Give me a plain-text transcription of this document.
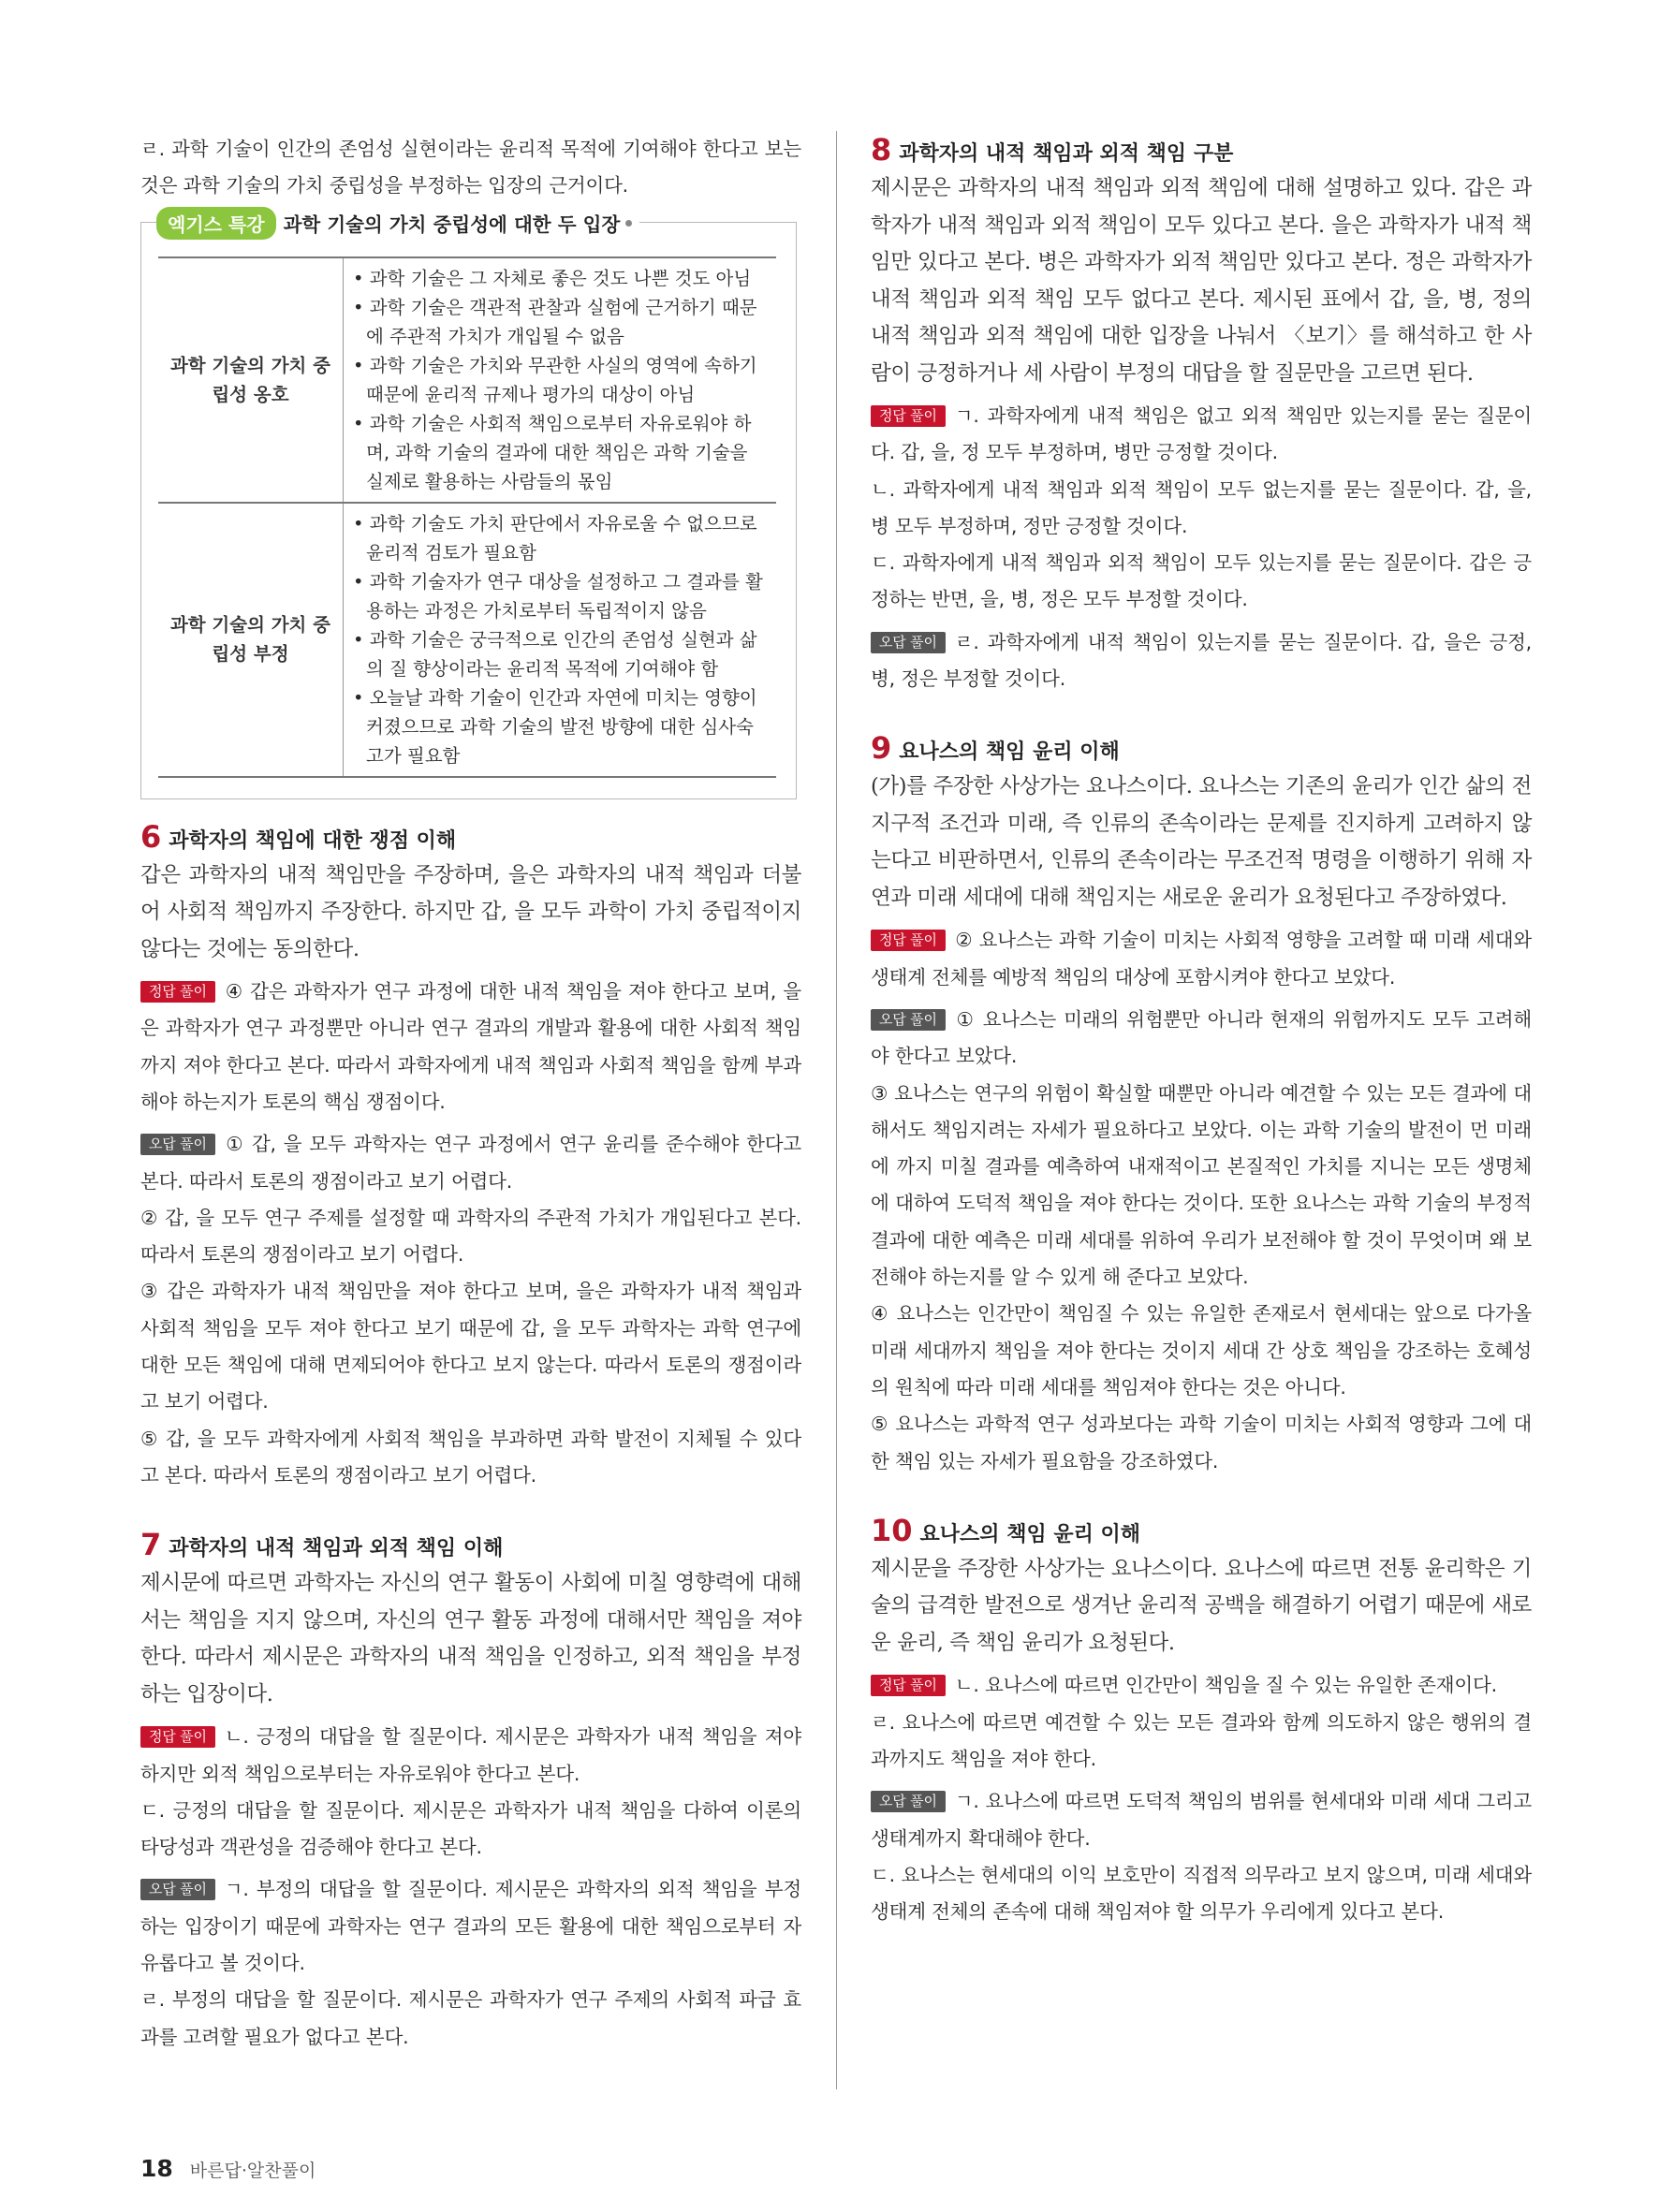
ㄹ. 과학 기술이 인간의 존엄성 실현이라는 윤리적 목적에 기여해야 한다고 보는 것은 과학 기술의 가치 중립성을 부정하는 입장의 근거이다.

엑기스 특강 과학 기술의 가치 중립성에 대한 두 입장
과학 기술의 가치 중립성 옹호	• 과학 기술은 그 자체로 좋은 것도 나쁜 것도 아님

• 과학 기술은 객관적 관찰과 실험에 근거하기 때문에 주관적 가치가 개입될 수 없음

• 과학 기술은 가치와 무관한 사실의 영역에 속하기 때문에 윤리적 규제나 평가의 대상이 아님

• 과학 기술은 사회적 책임으로부터 자유로워야 하며, 과학 기술의 결과에 대한 책임은 과학 기술을 실제로 활용하는 사람들의 몫임

과학 기술의 가치 중립성 부정	• 과학 기술도 가치 판단에서 자유로울 수 없으므로 윤리적 검토가 필요함

• 과학 기술자가 연구 대상을 설정하고 그 결과를 활용하는 과정은 가치로부터 독립적이지 않음

• 과학 기술은 궁극적으로 인간의 존엄성 실현과 삶의 질 향상이라는 윤리적 목적에 기여해야 함

• 오늘날 과학 기술이 인간과 자연에 미치는 영향이 커졌으므로 과학 기술의 발전 방향에 대한 심사숙고가 필요함

6 과학자의 책임에 대한 쟁점 이해

갑은 과학자의 내적 책임만을 주장하며, 을은 과학자의 내적 책임과 더불어 사회적 책임까지 주장한다. 하지만 갑, 을 모두 과학이 가치 중립적이지 않다는 것에는 동의한다.

정답 풀이 ④ 갑은 과학자가 연구 과정에 대한 내적 책임을 져야 한다고 보며, 을은 과학자가 연구 과정뿐만 아니라 연구 결과의 개발과 활용에 대한 사회적 책임까지 져야 한다고 본다. 따라서 과학자에게 내적 책임과 사회적 책임을 함께 부과해야 하는지가 토론의 핵심 쟁점이다.

오답 풀이 ① 갑, 을 모두 과학자는 연구 과정에서 연구 윤리를 준수해야 한다고 본다. 따라서 토론의 쟁점이라고 보기 어렵다.

② 갑, 을 모두 연구 주제를 설정할 때 과학자의 주관적 가치가 개입된다고 본다. 따라서 토론의 쟁점이라고 보기 어렵다.

③ 갑은 과학자가 내적 책임만을 져야 한다고 보며, 을은 과학자가 내적 책임과 사회적 책임을 모두 져야 한다고 보기 때문에 갑, 을 모두 과학자는 과학 연구에 대한 모든 책임에 대해 면제되어야 한다고 보지 않는다. 따라서 토론의 쟁점이라고 보기 어렵다.

⑤ 갑, 을 모두 과학자에게 사회적 책임을 부과하면 과학 발전이 지체될 수 있다고 본다. 따라서 토론의 쟁점이라고 보기 어렵다.

7 과학자의 내적 책임과 외적 책임 이해

제시문에 따르면 과학자는 자신의 연구 활동이 사회에 미칠 영향력에 대해서는 책임을 지지 않으며, 자신의 연구 활동 과정에 대해서만 책임을 져야 한다. 따라서 제시문은 과학자의 내적 책임을 인정하고, 외적 책임을 부정하는 입장이다.

정답 풀이 ㄴ. 긍정의 대답을 할 질문이다. 제시문은 과학자가 내적 책임을 져야 하지만 외적 책임으로부터는 자유로워야 한다고 본다.

ㄷ. 긍정의 대답을 할 질문이다. 제시문은 과학자가 내적 책임을 다하여 이론의 타당성과 객관성을 검증해야 한다고 본다.

오답 풀이 ㄱ. 부정의 대답을 할 질문이다. 제시문은 과학자의 외적 책임을 부정하는 입장이기 때문에 과학자는 연구 결과의 모든 활용에 대한 책임으로부터 자유롭다고 볼 것이다.

ㄹ. 부정의 대답을 할 질문이다. 제시문은 과학자가 연구 주제의 사회적 파급 효과를 고려할 필요가 없다고 본다.

8 과학자의 내적 책임과 외적 책임 구분

제시문은 과학자의 내적 책임과 외적 책임에 대해 설명하고 있다. 갑은 과학자가 내적 책임과 외적 책임이 모두 있다고 본다. 을은 과학자가 내적 책임만 있다고 본다. 병은 과학자가 외적 책임만 있다고 본다. 정은 과학자가 내적 책임과 외적 책임 모두 없다고 본다. 제시된 표에서 갑, 을, 병, 정의 내적 책임과 외적 책임에 대한 입장을 나눠서 〈보기〉를 해석하고 한 사람이 긍정하거나 세 사람이 부정의 대답을 할 질문만을 고르면 된다.

정답 풀이 ㄱ. 과학자에게 내적 책임은 없고 외적 책임만 있는지를 묻는 질문이다. 갑, 을, 정 모두 부정하며, 병만 긍정할 것이다.

ㄴ. 과학자에게 내적 책임과 외적 책임이 모두 없는지를 묻는 질문이다. 갑, 을, 병 모두 부정하며, 정만 긍정할 것이다.

ㄷ. 과학자에게 내적 책임과 외적 책임이 모두 있는지를 묻는 질문이다. 갑은 긍정하는 반면, 을, 병, 정은 모두 부정할 것이다.

오답 풀이 ㄹ. 과학자에게 내적 책임이 있는지를 묻는 질문이다. 갑, 을은 긍정, 병, 정은 부정할 것이다.

9 요나스의 책임 윤리 이해

(가)를 주장한 사상가는 요나스이다. 요나스는 기존의 윤리가 인간 삶의 전 지구적 조건과 미래, 즉 인류의 존속이라는 문제를 진지하게 고려하지 않는다고 비판하면서, 인류의 존속이라는 무조건적 명령을 이행하기 위해 자연과 미래 세대에 대해 책임지는 새로운 윤리가 요청된다고 주장하였다.

정답 풀이 ② 요나스는 과학 기술이 미치는 사회적 영향을 고려할 때 미래 세대와 생태계 전체를 예방적 책임의 대상에 포함시켜야 한다고 보았다.

오답 풀이 ① 요나스는 미래의 위험뿐만 아니라 현재의 위험까지도 모두 고려해야 한다고 보았다.

③ 요나스는 연구의 위험이 확실할 때뿐만 아니라 예견할 수 있는 모든 결과에 대해서도 책임지려는 자세가 필요하다고 보았다. 이는 과학 기술의 발전이 먼 미래에 까지 미칠 결과를 예측하여 내재적이고 본질적인 가치를 지니는 모든 생명체에 대하여 도덕적 책임을 져야 한다는 것이다. 또한 요나스는 과학 기술의 부정적 결과에 대한 예측은 미래 세대를 위하여 우리가 보전해야 할 것이 무엇이며 왜 보전해야 하는지를 알 수 있게 해 준다고 보았다.

④ 요나스는 인간만이 책임질 수 있는 유일한 존재로서 현세대는 앞으로 다가올 미래 세대까지 책임을 져야 한다는 것이지 세대 간 상호 책임을 강조하는 호혜성의 원칙에 따라 미래 세대를 책임져야 한다는 것은 아니다.

⑤ 요나스는 과학적 연구 성과보다는 과학 기술이 미치는 사회적 영향과 그에 대한 책임 있는 자세가 필요함을 강조하였다.

10 요나스의 책임 윤리 이해

제시문을 주장한 사상가는 요나스이다. 요나스에 따르면 전통 윤리학은 기술의 급격한 발전으로 생겨난 윤리적 공백을 해결하기 어렵기 때문에 새로운 윤리, 즉 책임 윤리가 요청된다.

정답 풀이 ㄴ. 요나스에 따르면 인간만이 책임을 질 수 있는 유일한 존재이다.

ㄹ. 요나스에 따르면 예견할 수 있는 모든 결과와 함께 의도하지 않은 행위의 결과까지도 책임을 져야 한다.

오답 풀이 ㄱ. 요나스에 따르면 도덕적 책임의 범위를 현세대와 미래 세대 그리고 생태계까지 확대해야 한다.

ㄷ. 요나스는 현세대의 이익 보호만이 직접적 의무라고 보지 않으며, 미래 세대와 생태계 전체의 존속에 대해 책임져야 할 의무가 우리에게 있다고 본다.

18 바른답·알찬풀이
